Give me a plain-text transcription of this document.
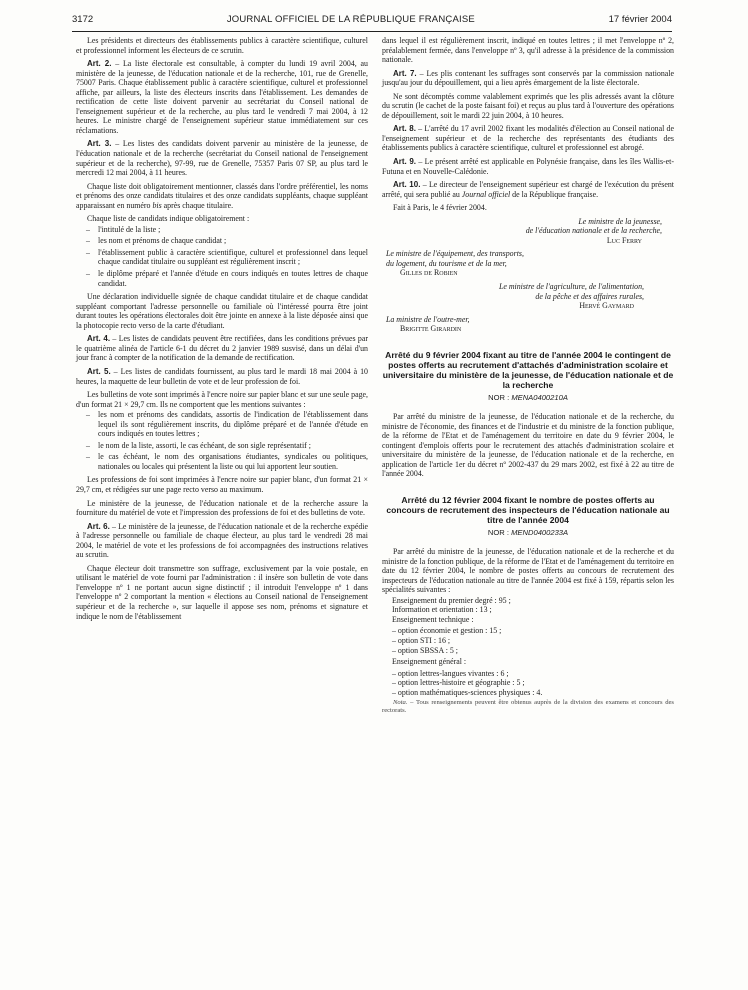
3172	JOURNAL OFFICIEL DE LA RÉPUBLIQUE FRANÇAISE	17 février 2004

Les présidents et directeurs des établissements publics à caractère scientifique, culturel et professionnel informent les électeurs de ce scrutin.

Art. 2. – La liste électorale est consultable, à compter du lundi 19 avril 2004, au ministère de la jeunesse, de l'éducation nationale et de la recherche, 101, rue de Grenelle, 75007 Paris. Chaque établissement public à caractère scientifique, culturel et professionnel affiche, par ailleurs, la liste des électeurs inscrits dans l'établissement. Les demandes de rectification de cette liste doivent parvenir au secrétariat du Conseil national de l'enseignement supérieur et de la recherche, au plus tard le vendredi 7 mai 2004, à 12 heures. Le ministre chargé de l'enseignement supérieur statue immédiatement sur ces réclamations.

Art. 3. – Les listes des candidats doivent parvenir au ministère de la jeunesse, de l'éducation nationale et de la recherche (secrétariat du Conseil national de l'enseignement supérieur et de la recherche), 97-99, rue de Grenelle, 75357 Paris 07 SP, au plus tard le mercredi 12 mai 2004, à 11 heures.

Chaque liste doit obligatoirement mentionner, classés dans l'ordre préférentiel, les noms et prénoms des onze candidats titulaires et des onze candidats suppléants, chaque suppléant apparaissant en numéro bis après chaque titulaire.

Chaque liste de candidats indique obligatoirement :

– l'intitulé de la liste ;
– les nom et prénoms de chaque candidat ;
– l'établissement public à caractère scientifique, culturel et professionnel dans lequel chaque candidat titulaire ou suppléant est régulièrement inscrit ;
– le diplôme préparé et l'année d'étude en cours indiqués en toutes lettres de chaque candidat.

Une déclaration individuelle signée de chaque candidat titulaire et de chaque candidat suppléant comportant l'adresse personnelle ou familiale où l'intéressé pourra être joint durant toutes les opérations électorales doit être jointe en annexe à la liste déposée ainsi que la photocopie recto verso de la carte d'étudiant.

Art. 4. – Les listes de candidats peuvent être rectifiées, dans les conditions prévues par le quatrième alinéa de l'article 6-1 du décret du 2 janvier 1989 susvisé, dans un délai d'un jour franc à compter de la notification de la demande de rectification.

Art. 5. – Les listes de candidats fournissent, au plus tard le mardi 18 mai 2004 à 10 heures, la maquette de leur bulletin de vote et de leur profession de foi.

Les bulletins de vote sont imprimés à l'encre noire sur papier blanc et sur une seule page, d'un format 21 × 29,7 cm. Ils ne comportent que les mentions suivantes :

– les nom et prénoms des candidats, assortis de l'indication de l'établissement dans lequel ils sont régulièrement inscrits, du diplôme préparé et de l'année d'étude en cours indiqués en toutes lettres ;
– le nom de la liste, assorti, le cas échéant, de son sigle représentatif ;
– le cas échéant, le nom des organisations étudiantes, syndicales ou politiques, nationales ou locales qui présentent la liste ou qui lui apportent leur soutien.

Les professions de foi sont imprimées à l'encre noire sur papier blanc, d'un format 21 × 29,7 cm, et rédigées sur une page recto verso au maximum.

Le ministère de la jeunesse, de l'éducation nationale et de la recherche assure la fourniture du matériel de vote et l'impression des professions de foi et des bulletins de vote.

Art. 6. – Le ministère de la jeunesse, de l'éducation nationale et de la recherche expédie à l'adresse personnelle ou familiale de chaque électeur, au plus tard le vendredi 28 mai 2004, le matériel de vote et les professions de foi accompagnées des instructions relatives au scrutin.

Chaque électeur doit transmettre son suffrage, exclusivement par la voie postale, en utilisant le matériel de vote fourni par l'administration : il insère son bulletin de vote dans l'enveloppe nº 1 ne portant aucun signe distinctif ; il introduit l'enveloppe nº 1 dans l'enveloppe nº 2 comportant la mention « élections au Conseil national de l'enseignement supérieur et de la recherche », sur laquelle il appose ses nom, prénoms et signature et indique le nom de l'établissement

dans lequel il est régulièrement inscrit, indiqué en toutes lettres ; il met l'enveloppe nº 2, préalablement fermée, dans l'enveloppe nº 3, qu'il adresse à la présidence de la commission nationale.

Art. 7. – Les plis contenant les suffrages sont conservés par la commission nationale jusqu'au jour du dépouillement, qui a lieu après émargement de la liste électorale.

Ne sont décomptés comme valablement exprimés que les plis adressés avant la clôture du scrutin (le cachet de la poste faisant foi) et reçus au plus tard à l'ouverture des opérations de dépouillement, soit le mardi 22 juin 2004, à 10 heures.

Art. 8. – L'arrêté du 17 avril 2002 fixant les modalités d'élection au Conseil national de l'enseignement supérieur et de la recherche des représentants des étudiants des établissements publics à caractère scientifique, culturel et professionnel est abrogé.

Art. 9. – Le présent arrêté est applicable en Polynésie française, dans les îles Wallis-et-Futuna et en Nouvelle-Calédonie.

Art. 10. – Le directeur de l'enseignement supérieur est chargé de l'exécution du présent arrêté, qui sera publié au Journal officiel de la République française.

Fait à Paris, le 4 février 2004.

Le ministre de la jeunesse,
de l'éducation nationale et de la recherche,
Luc Ferry
Le ministre de l'équipement, des transports,
du logement, du tourisme et de la mer,
Gilles de Robien
Le ministre de l'agriculture, de l'alimentation,
de la pêche et des affaires rurales,
Hervé Gaymard
La ministre de l'outre-mer,
Brigitte Girardin
Arrêté du 9 février 2004 fixant au titre de l'année 2004 le contingent de postes offerts au recrutement d'attachés d'administration scolaire et universitaire du ministère de la jeunesse, de l'éducation nationale et de la recherche
NOR : MENA0400210A

Par arrêté du ministre de la jeunesse, de l'éducation nationale et de la recherche, du ministre de l'économie, des finances et de l'industrie et du ministre de la fonction publique, de la réforme de l'Etat et de l'aménagement du territoire en date du 9 février 2004, le contingent d'emplois offerts pour le recrutement des attachés d'administration scolaire et universitaire du ministère de la jeunesse, de l'éducation nationale et de la recherche, en application de l'article 1er du décret nº 2002-437 du 29 mars 2002, est fixé à 22 au titre de l'année 2004.

Arrêté du 12 février 2004 fixant le nombre de postes offerts au concours de recrutement des inspecteurs de l'éducation nationale au titre de l'année 2004
NOR : MEND0400233A

Par arrêté du ministre de la jeunesse, de l'éducation nationale et de la recherche et du ministre de la fonction publique, de la réforme de l'Etat et de l'aménagement du territoire en date du 12 février 2004, le nombre de postes offerts au concours de recrutement des inspecteurs de l'éducation nationale au titre de l'année 2004 est fixé à 159, répartis selon les spécialités suivantes :

Enseignement du premier degré : 95 ;
Information et orientation : 13 ;
Enseignement technique :
– option économie et gestion : 15 ;
– option STI : 16 ;
– option SBSSA : 5 ;
Enseignement général :
– option lettres-langues vivantes : 6 ;
– option lettres-histoire et géographie : 5 ;
– option mathématiques-sciences physiques : 4.

Nota. – Tous renseignements peuvent être obtenus auprès de la division des examens et concours des rectorats.
